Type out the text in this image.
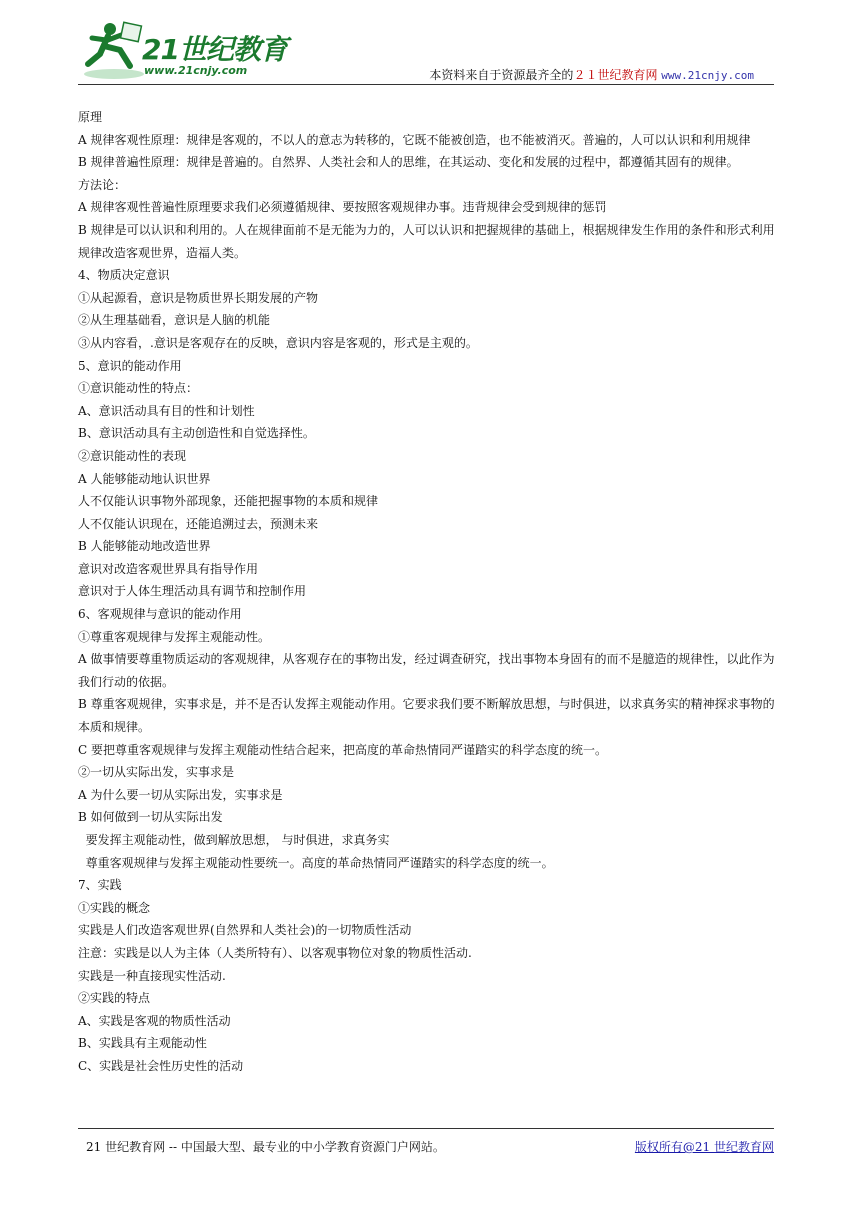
21世纪教育
www.21cnjy.com	本资料来自于资源最齐全的２１世纪教育网 www.21cnjy.com

原理

A 规律客观性原理：规律是客观的，不以人的意志为转移的，它既不能被创造，也不能被消灭。普遍的，人可以认识和利用规律

B 规律普遍性原理：规律是普遍的。自然界、人类社会和人的思维，在其运动、变化和发展的过程中，都遵循其固有的规律。

方法论：

A 规律客观性普遍性原理要求我们必须遵循规律、要按照客观规律办事。违背规律会受到规律的惩罚

B 规律是可以认识和利用的。人在规律面前不是无能为力的，人可以认识和把握规律的基础上，根据规律发生作用的条件和形式利用规律改造客观世界，造福人类。

4、物质决定意识

①从起源看，意识是物质世界长期发展的产物

②从生理基础看，意识是人脑的机能

③从内容看，.意识是客观存在的反映，意识内容是客观的，形式是主观的。

5、意识的能动作用

①意识能动性的特点：

A、意识活动具有目的性和计划性

B、意识活动具有主动创造性和自觉选择性。

②意识能动性的表现

A 人能够能动地认识世界

人不仅能认识事物外部现象，还能把握事物的本质和规律

人不仅能认识现在，还能追溯过去，预测未来

B 人能够能动地改造世界

意识对改造客观世界具有指导作用

意识对于人体生理活动具有调节和控制作用

6、客观规律与意识的能动作用

①尊重客观规律与发挥主观能动性。

A 做事情要尊重物质运动的客观规律，从客观存在的事物出发，经过调查研究，找出事物本身固有的而不是臆造的规律性，以此作为我们行动的依据。

B 尊重客观规律，实事求是，并不是否认发挥主观能动作用。它要求我们要不断解放思想，与时俱进，以求真务实的精神探求事物的本质和规律。

C 要把尊重客观规律与发挥主观能动性结合起来，把高度的革命热情同严谨踏实的科学态度的统一。

②一切从实际出发，实事求是

A 为什么要一切从实际出发，实事求是

B 如何做到一切从实际出发

要发挥主观能动性，做到解放思想， 与时俱进，求真务实

尊重客观规律与发挥主观能动性要统一。高度的革命热情同严谨踏实的科学态度的统一。

7、实践

①实践的概念

实践是人们改造客观世界(自然界和人类社会)的一切物质性活动

注意：实践是以人为主体（人类所特有）、以客观事物位对象的物质性活动.

实践是一种直接现实性活动.

②实践的特点

A、实践是客观的物质性活动

B、实践具有主观能动性

C、实践是社会性历史性的活动

21 世纪教育网 -- 中国最大型、最专业的中小学教育资源门户网站。	版权所有@21 世纪教育网
